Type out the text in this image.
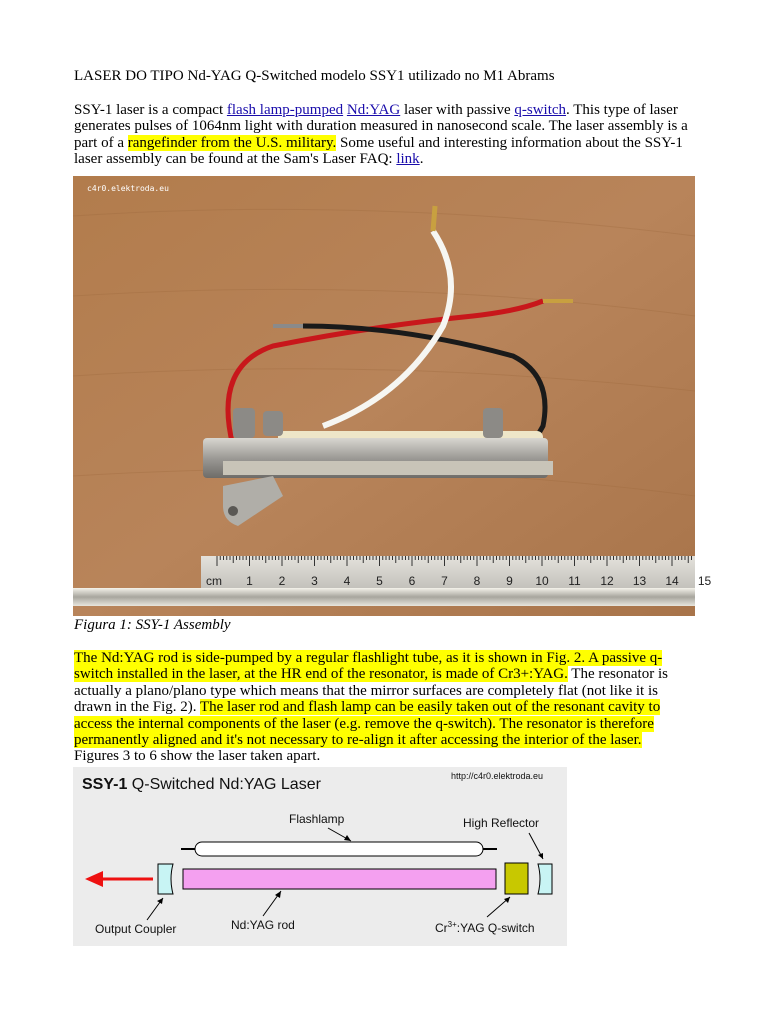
LASER DO TIPO Nd-YAG Q-Switched modelo SSY1 utilizado no M1 Abrams
SSY-1 laser is a compact flash lamp-pumped Nd:YAG laser with passive q-switch. This type of laser generates pulses of 1064nm light with duration measured in nanosecond scale. The laser assembly is a part of a rangefinder from the U.S. military. Some useful and interesting information about the SSY-1 laser assembly can be found at the Sam's Laser FAQ: link.
c4r0.elektroda.eu
cm 1 2 3 4 5 6 7 8 9 10 11 12 13 14 15
Figura 1: SSY-1 Assembly
The Nd:YAG rod is side-pumped by a regular flashlight tube, as it is shown in Fig. 2. A passive q-switch installed in the laser, at the HR end of the resonator, is made of Cr3+:YAG. The resonator is actually a plano/plano type which means that the mirror surfaces are completely flat (not like it is drawn in the Fig. 2). The laser rod and flash lamp can be easily taken out of the resonant cavity to access the internal components of the laser (e.g. remove the q-switch). The resonator is therefore permanently aligned and it's not necessary to re-align it after accessing the interior of the laser. Figures 3 to 6 show the laser taken apart.
SSY-1 Q-Switched Nd:YAG Laser	http://c4r0.elektroda.eu
Flashlamp
Nd:YAG rod
Output Coupler	$Cr^{3+}:YAG$ Q-switch
High Reflector
